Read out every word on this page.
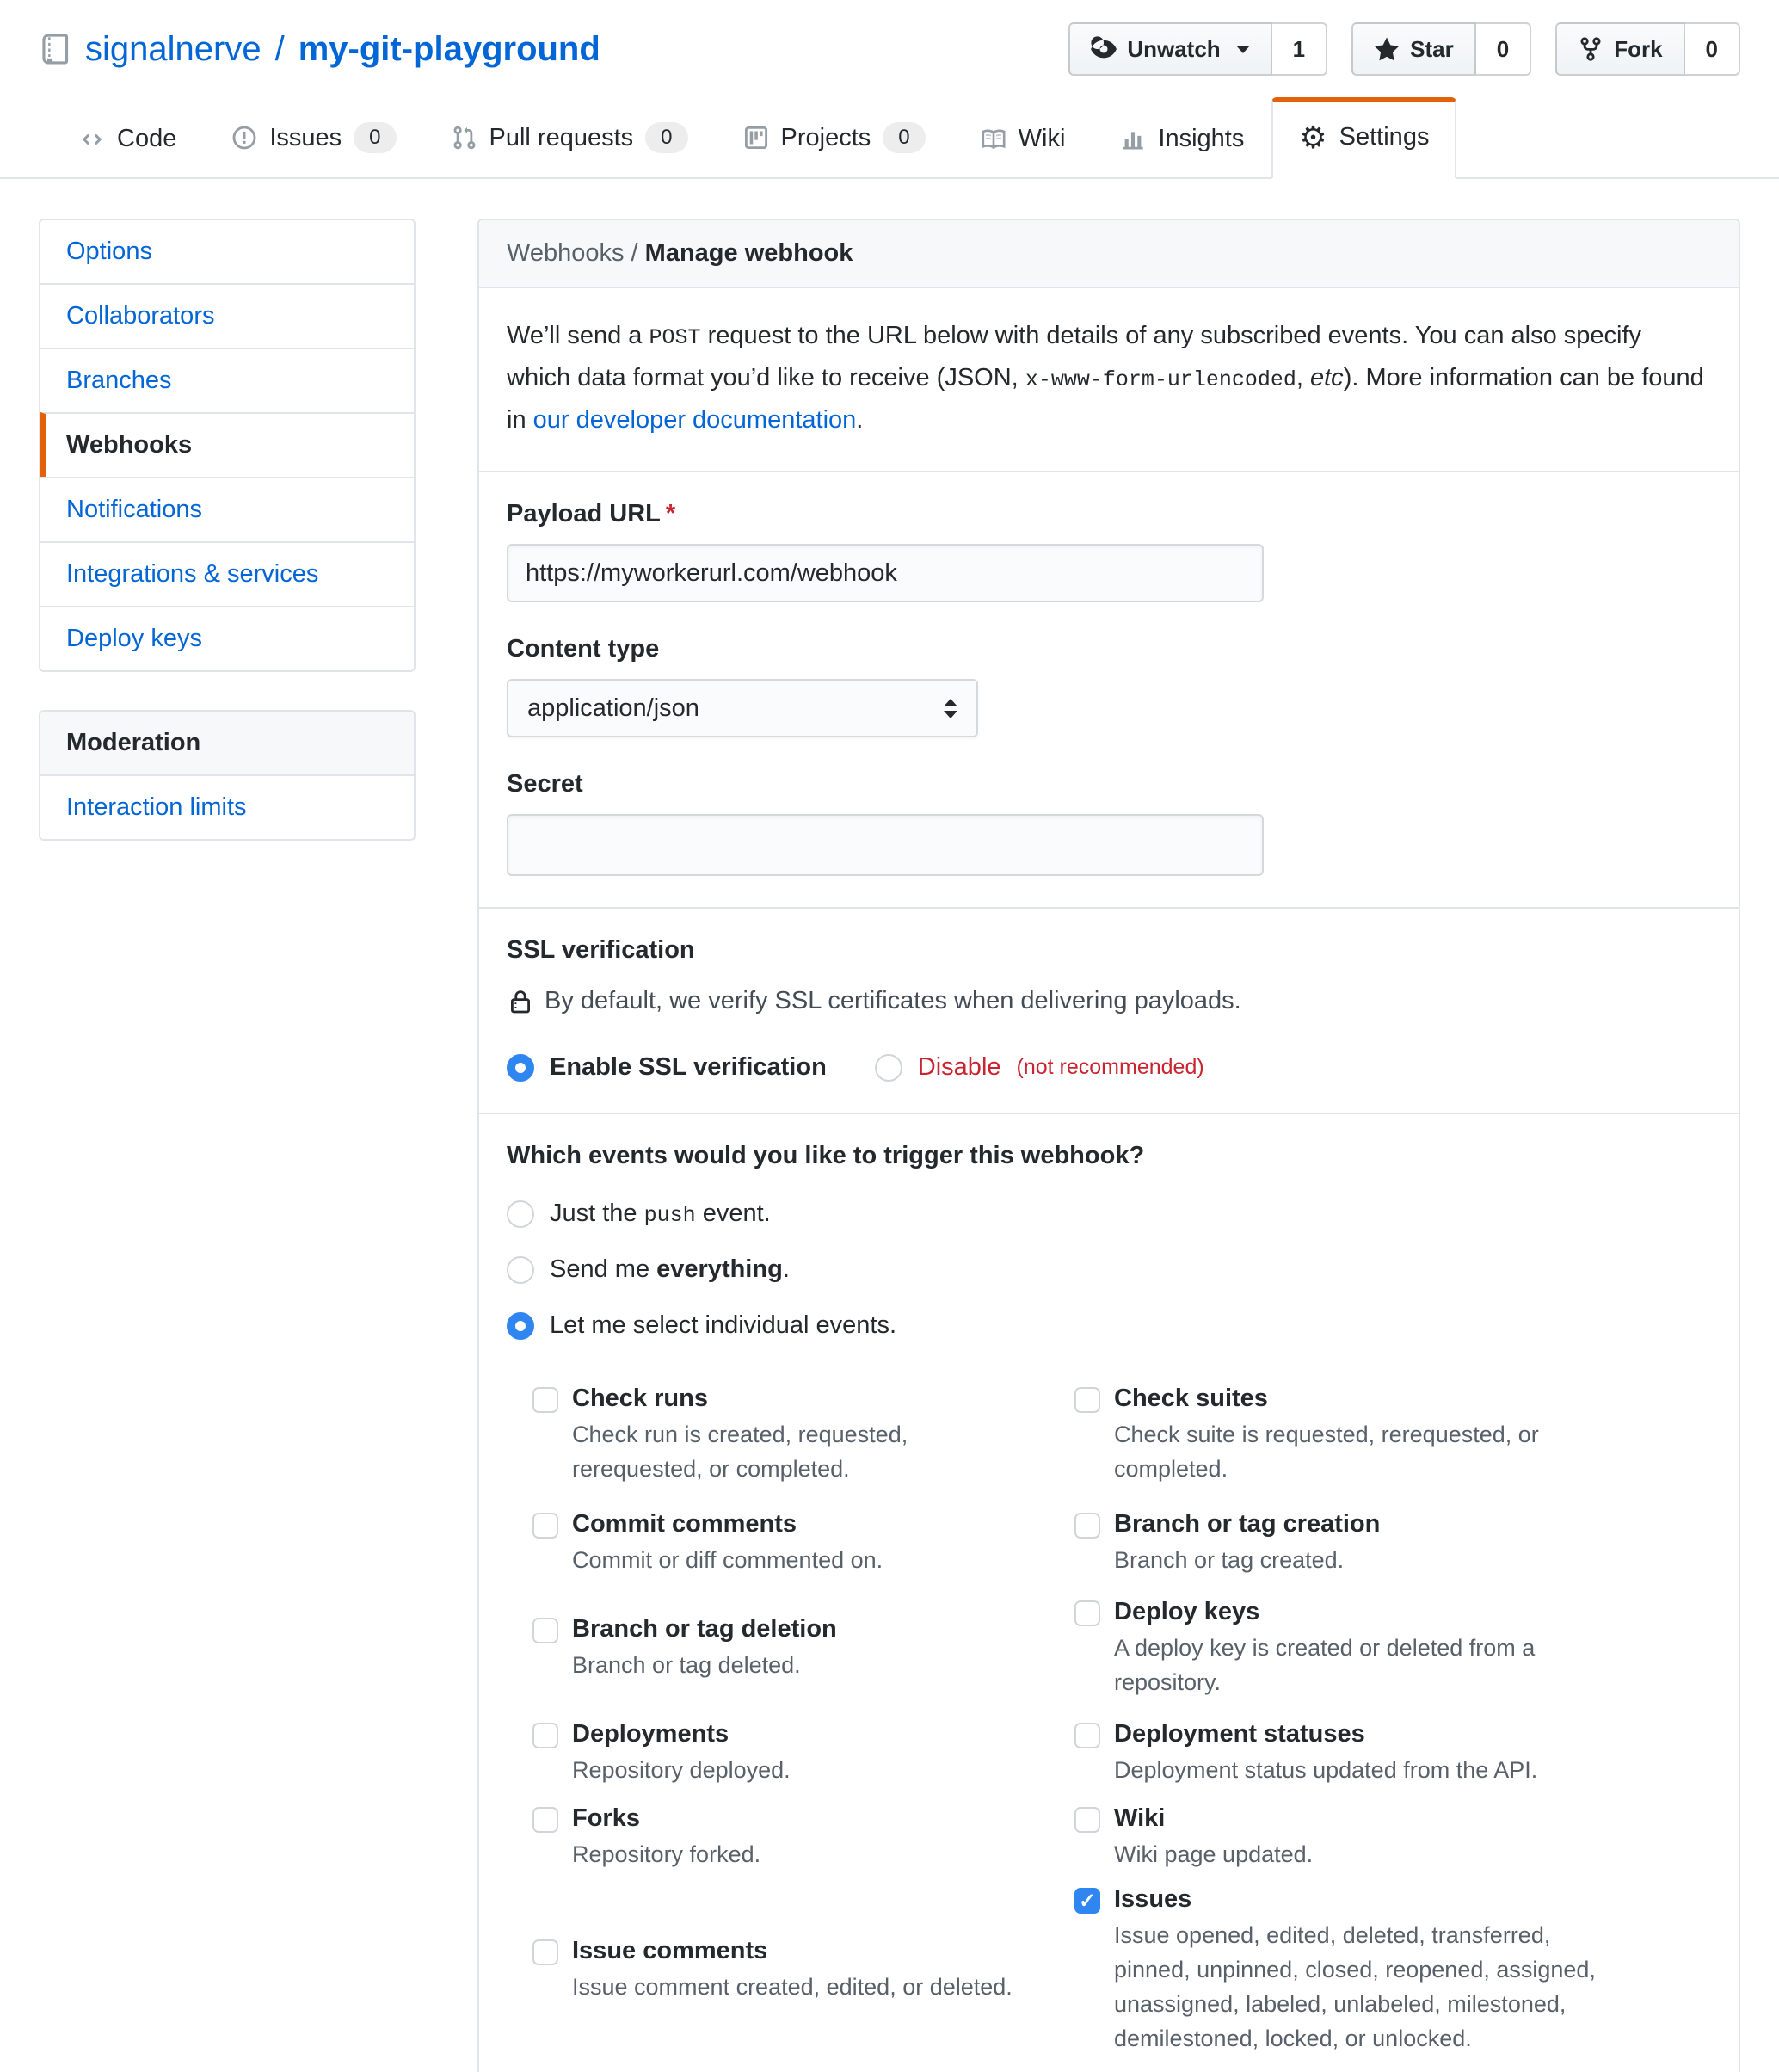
signalnerve / my-git-playground	Unwatch	1	Star	0	Fork	0
Code	Issues	0	Pull requests	0	Projects	0	Wiki	Insights ⚙ Settings
Options
Collaborators
Branches
Webhooks
Notifications
Integrations & services
Deploy keys
Moderation
Interaction limits
Webhooks / Manage webhook

We’ll send a POST request to the URL below with details of any subscribed events. You can also specify which data format you’d like to receive (JSON, x-www-form-urlencoded, etc). More information can be found in our developer documentation.

Payload URL *
https://myworkerurl.com/webhook
Content type
application/json
Secret
SSL verification
By default, we verify SSL certificates when delivering payloads.
Enable SSL verification	Disable (not recommended)
Which events would you like to trigger this webhook?
Just the push event.
Send me everything.
Let me select individual events.
Check runs
Check run is created, requested, rerequested, or completed.
Check suites
Check suite is requested, rerequested, or completed.
Commit comments
Commit or diff commented on.
Branch or tag creation
Branch or tag created.
Branch or tag deletion
Branch or tag deleted.
Deploy keys
A deploy key is created or deleted from a repository.
Deployments
Repository deployed.
Deployment statuses
Deployment status updated from the API.
Forks
Repository forked.
Wiki
Wiki page updated.
Issue comments
Issue comment created, edited, or deleted.
✓
Issues
Issue opened, edited, deleted, transferred, pinned, unpinned, closed, reopened, assigned, unassigned, labeled, unlabeled, milestoned, demilestoned, locked, or unlocked.
